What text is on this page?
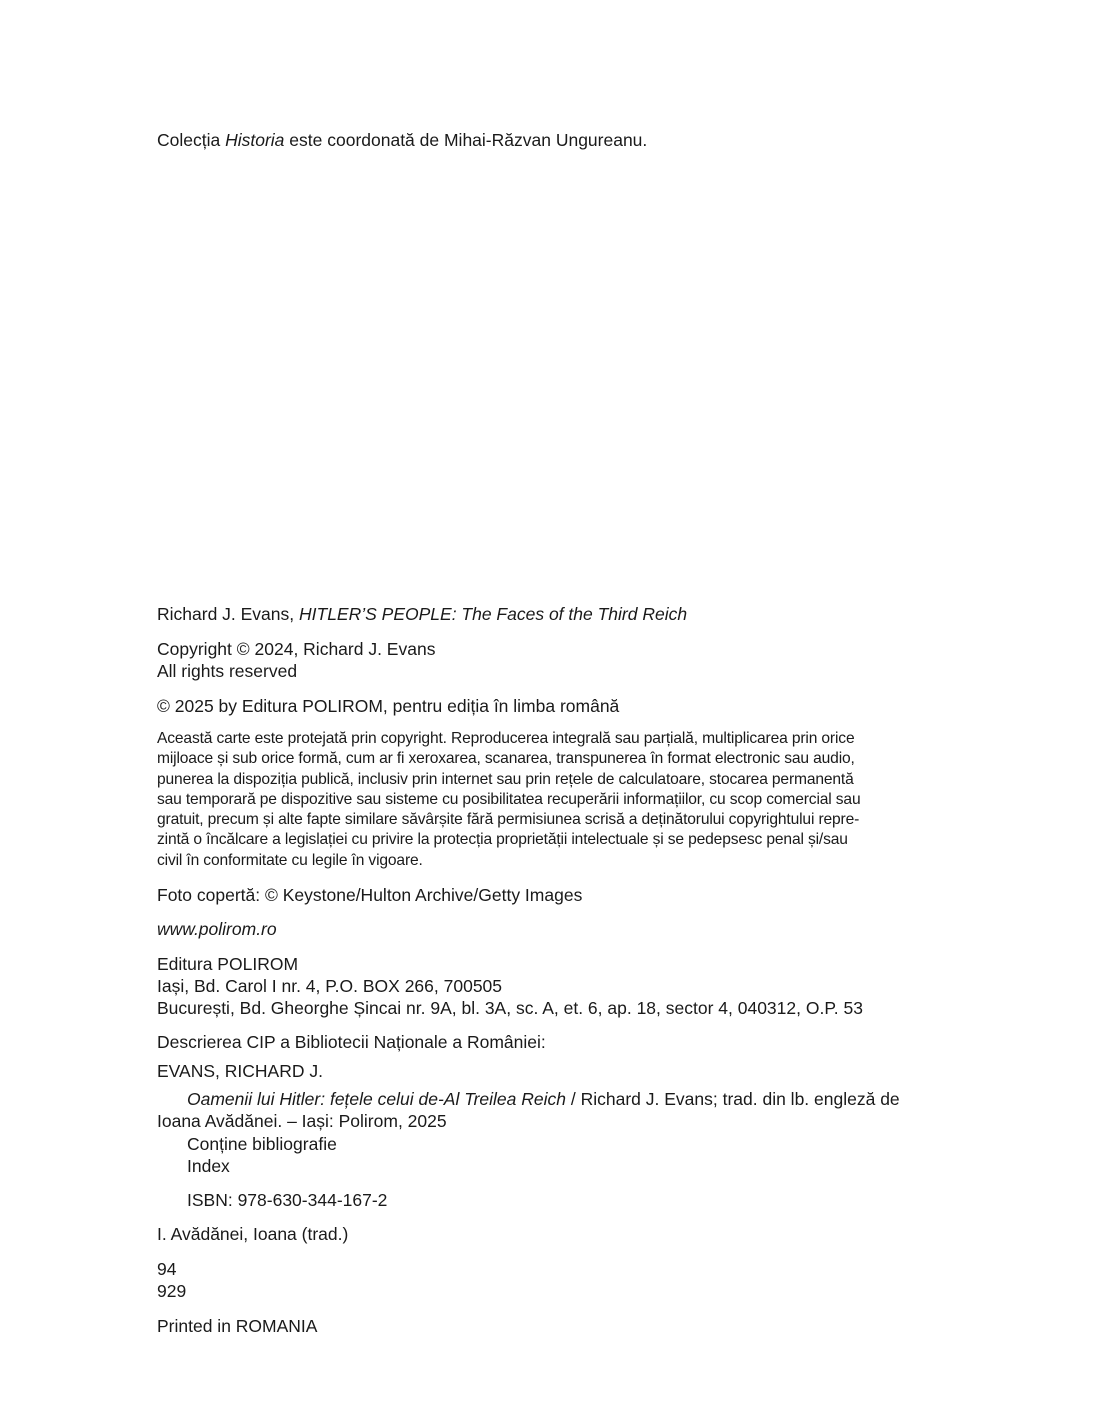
Colecția Historia este coordonată de Mihai-Răzvan Ungureanu.

Richard J. Evans, HITLER’S PEOPLE: The Faces of the Third Reich

Copyright © 2024, Richard J. Evans

All rights reserved

© 2025 by Editura POLIROM, pentru ediția în limba română

Această carte este protejată prin copyright. Reproducerea integrală sau parțială, multiplicarea prin orice
mijloace și sub orice formă, cum ar fi xeroxarea, scanarea, transpunerea în format electronic sau audio,
punerea la dispoziția publică, inclusiv prin internet sau prin rețele de calculatoare, stocarea permanentă
sau temporară pe dispozitive sau sisteme cu posibilitatea recuperării informațiilor, cu scop comercial sau
gratuit, precum și alte fapte similare săvârșite fără permisiunea scrisă a deținătorului copyrightului repre-
zintă o încălcare a legislației cu privire la protecția proprietății intelectuale și se pedepsesc penal și/sau
civil în conformitate cu legile în vigoare.

Foto copertă: © Keystone/Hulton Archive/Getty Images

www.polirom.ro

Editura POLIROM

Iași, Bd. Carol I nr. 4, P.O. BOX 266, 700505

București, Bd. Gheorghe Șincai nr. 9A, bl. 3A, sc. A, et. 6, ap. 18, sector 4, 040312, O.P. 53

Descrierea CIP a Bibliotecii Naționale a României:

EVANS, RICHARD J.

Oamenii lui Hitler: fețele celui de-Al Treilea Reich / Richard J. Evans; trad. din lb. engleză de

Ioana Avădănei. – Iași: Polirom, 2025

Conține bibliografie

Index

ISBN: 978-630-344-167-2

I. Avădănei, Ioana (trad.)

94

929

Printed in ROMANIA
